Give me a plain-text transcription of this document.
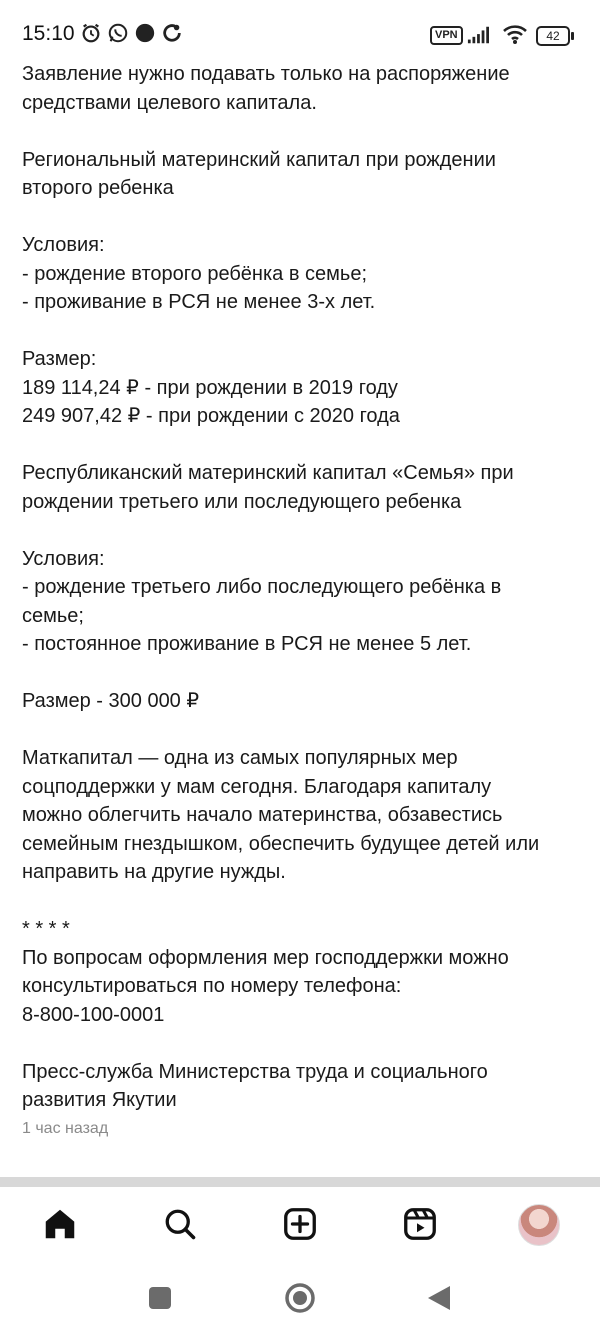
15:10	VPN	42

Заявление нужно подавать только на распоряжение

средствами целевого капитала.

Региональный материнский капитал при рождении

второго ребенка

Условия:

- рождение второго ребёнка в семье;

- проживание в РСЯ не менее 3-х лет.

Размер:

189 114,24 ₽ - при рождении в 2019 году

249 907,42 ₽ - при рождении с 2020 года

Республиканский материнский капитал «Семья» при

рождении третьего или последующего ребенка

Условия:

- рождение третьего либо последующего ребёнка в

семье;

- постоянное проживание в РСЯ не менее 5 лет.

Размер - 300 000 ₽

Маткапитал — одна из самых популярных мер

соцподдержки у мам сегодня. Благодаря капиталу

можно облегчить начало материнства, обзавестись

семейным гнездышком, обеспечить будущее детей или

направить на другие нужды.

* * * *

По вопросам оформления мер господдержки можно

консультироваться по номеру телефона:

8-800-100-0001

Пресс-служба Министерства труда и социального

развития Якутии

1 час назад
